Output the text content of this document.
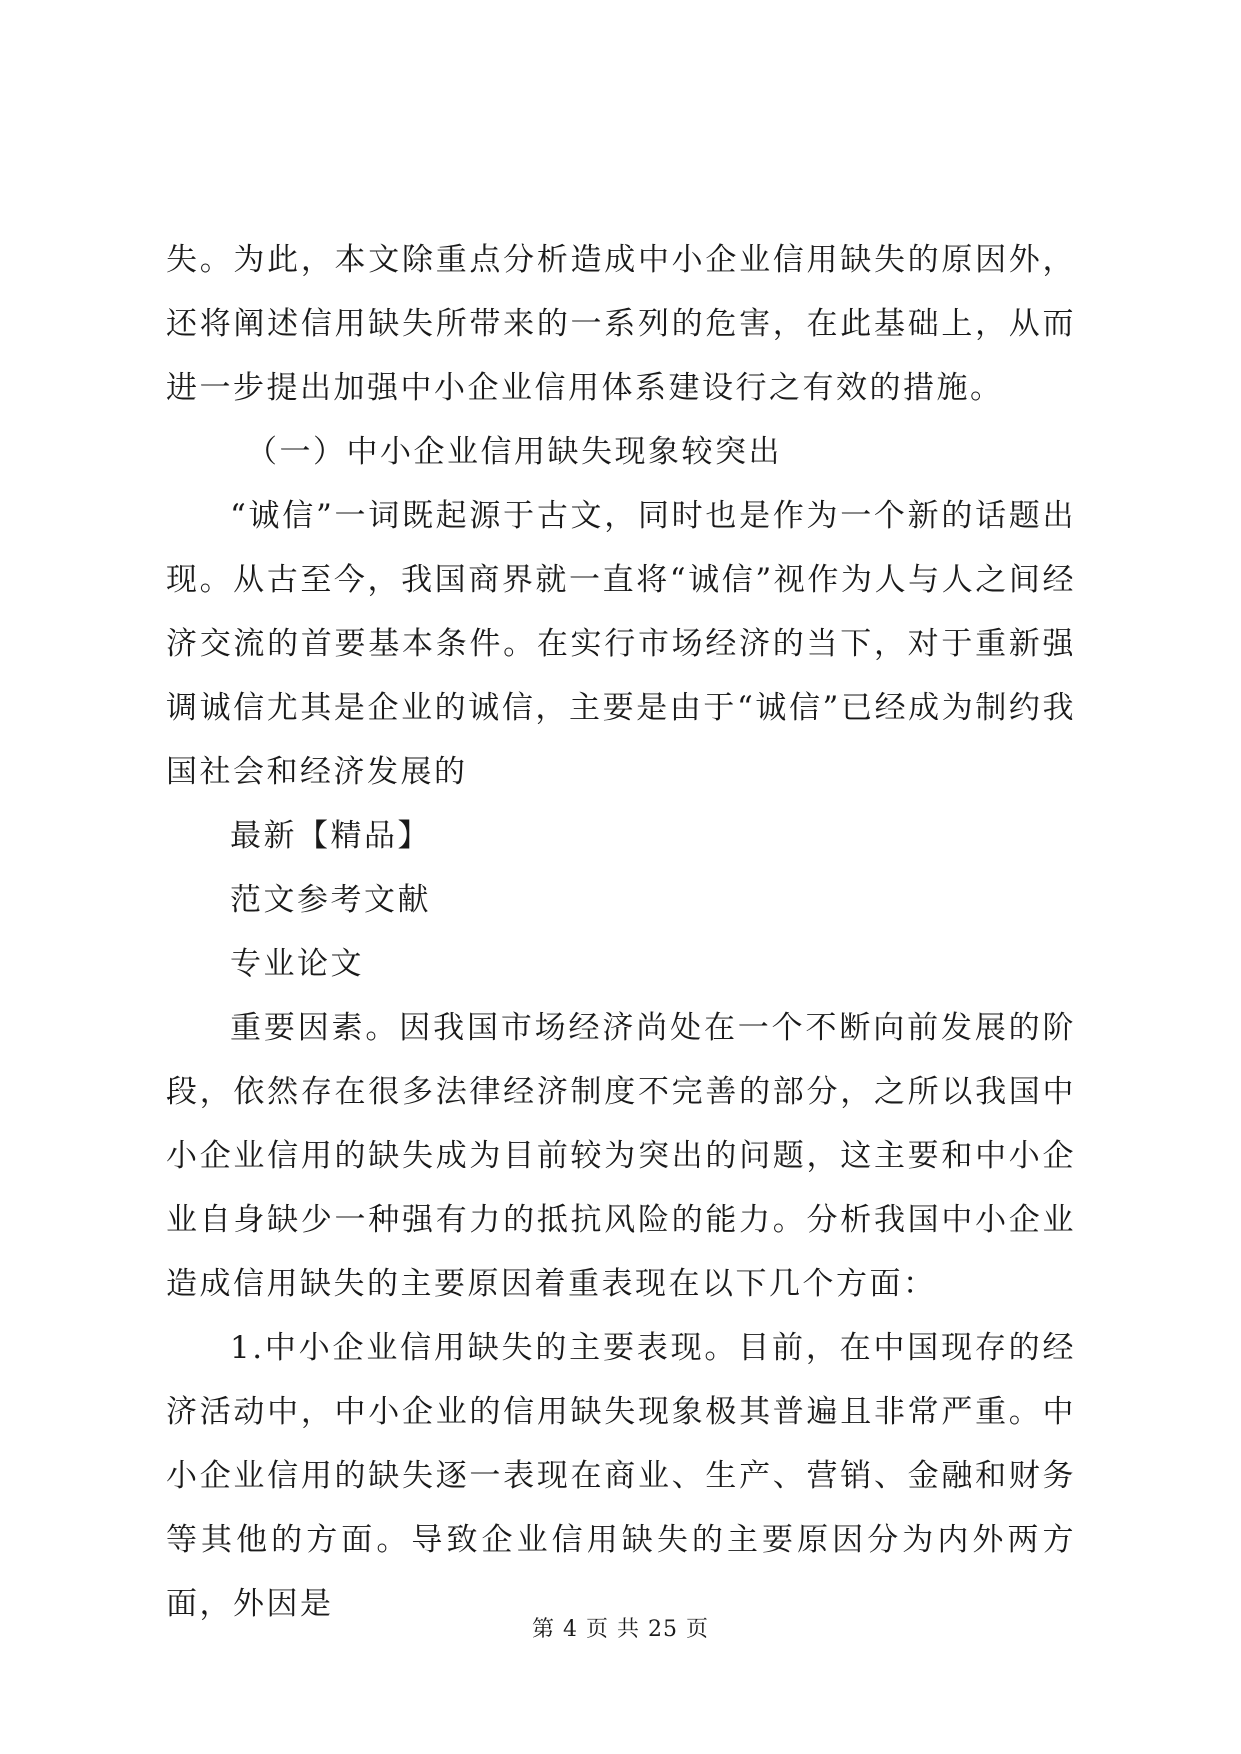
失。为此，本文除重点分析造成中小企业信用缺失的原因外，还将阐述信用缺失所带来的一系列的危害，在此基础上，从而进一步提出加强中小企业信用体系建设行之有效的措施。

（一）中小企业信用缺失现象较突出

“诚信”一词既起源于古文，同时也是作为一个新的话题出现。从古至今，我国商界就一直将“诚信”视作为人与人之间经济交流的首要基本条件。在实行市场经济的当下，对于重新强调诚信尤其是企业的诚信，主要是由于“诚信”已经成为制约我国社会和经济发展的

最新【精品】

范文参考文献

专业论文

重要因素。因我国市场经济尚处在一个不断向前发展的阶段，依然存在很多法律经济制度不完善的部分，之所以我国中小企业信用的缺失成为目前较为突出的问题，这主要和中小企业自身缺少一种强有力的抵抗风险的能力。分析我国中小企业造成信用缺失的主要原因着重表现在以下几个方面：

1.中小企业信用缺失的主要表现。目前，在中国现存的经济活动中，中小企业的信用缺失现象极其普遍且非常严重。中小企业信用的缺失逐一表现在商业、生产、营销、金融和财务等其他的方面。导致企业信用缺失的主要原因分为内外两方面，外因是

第 4 页 共 25 页
